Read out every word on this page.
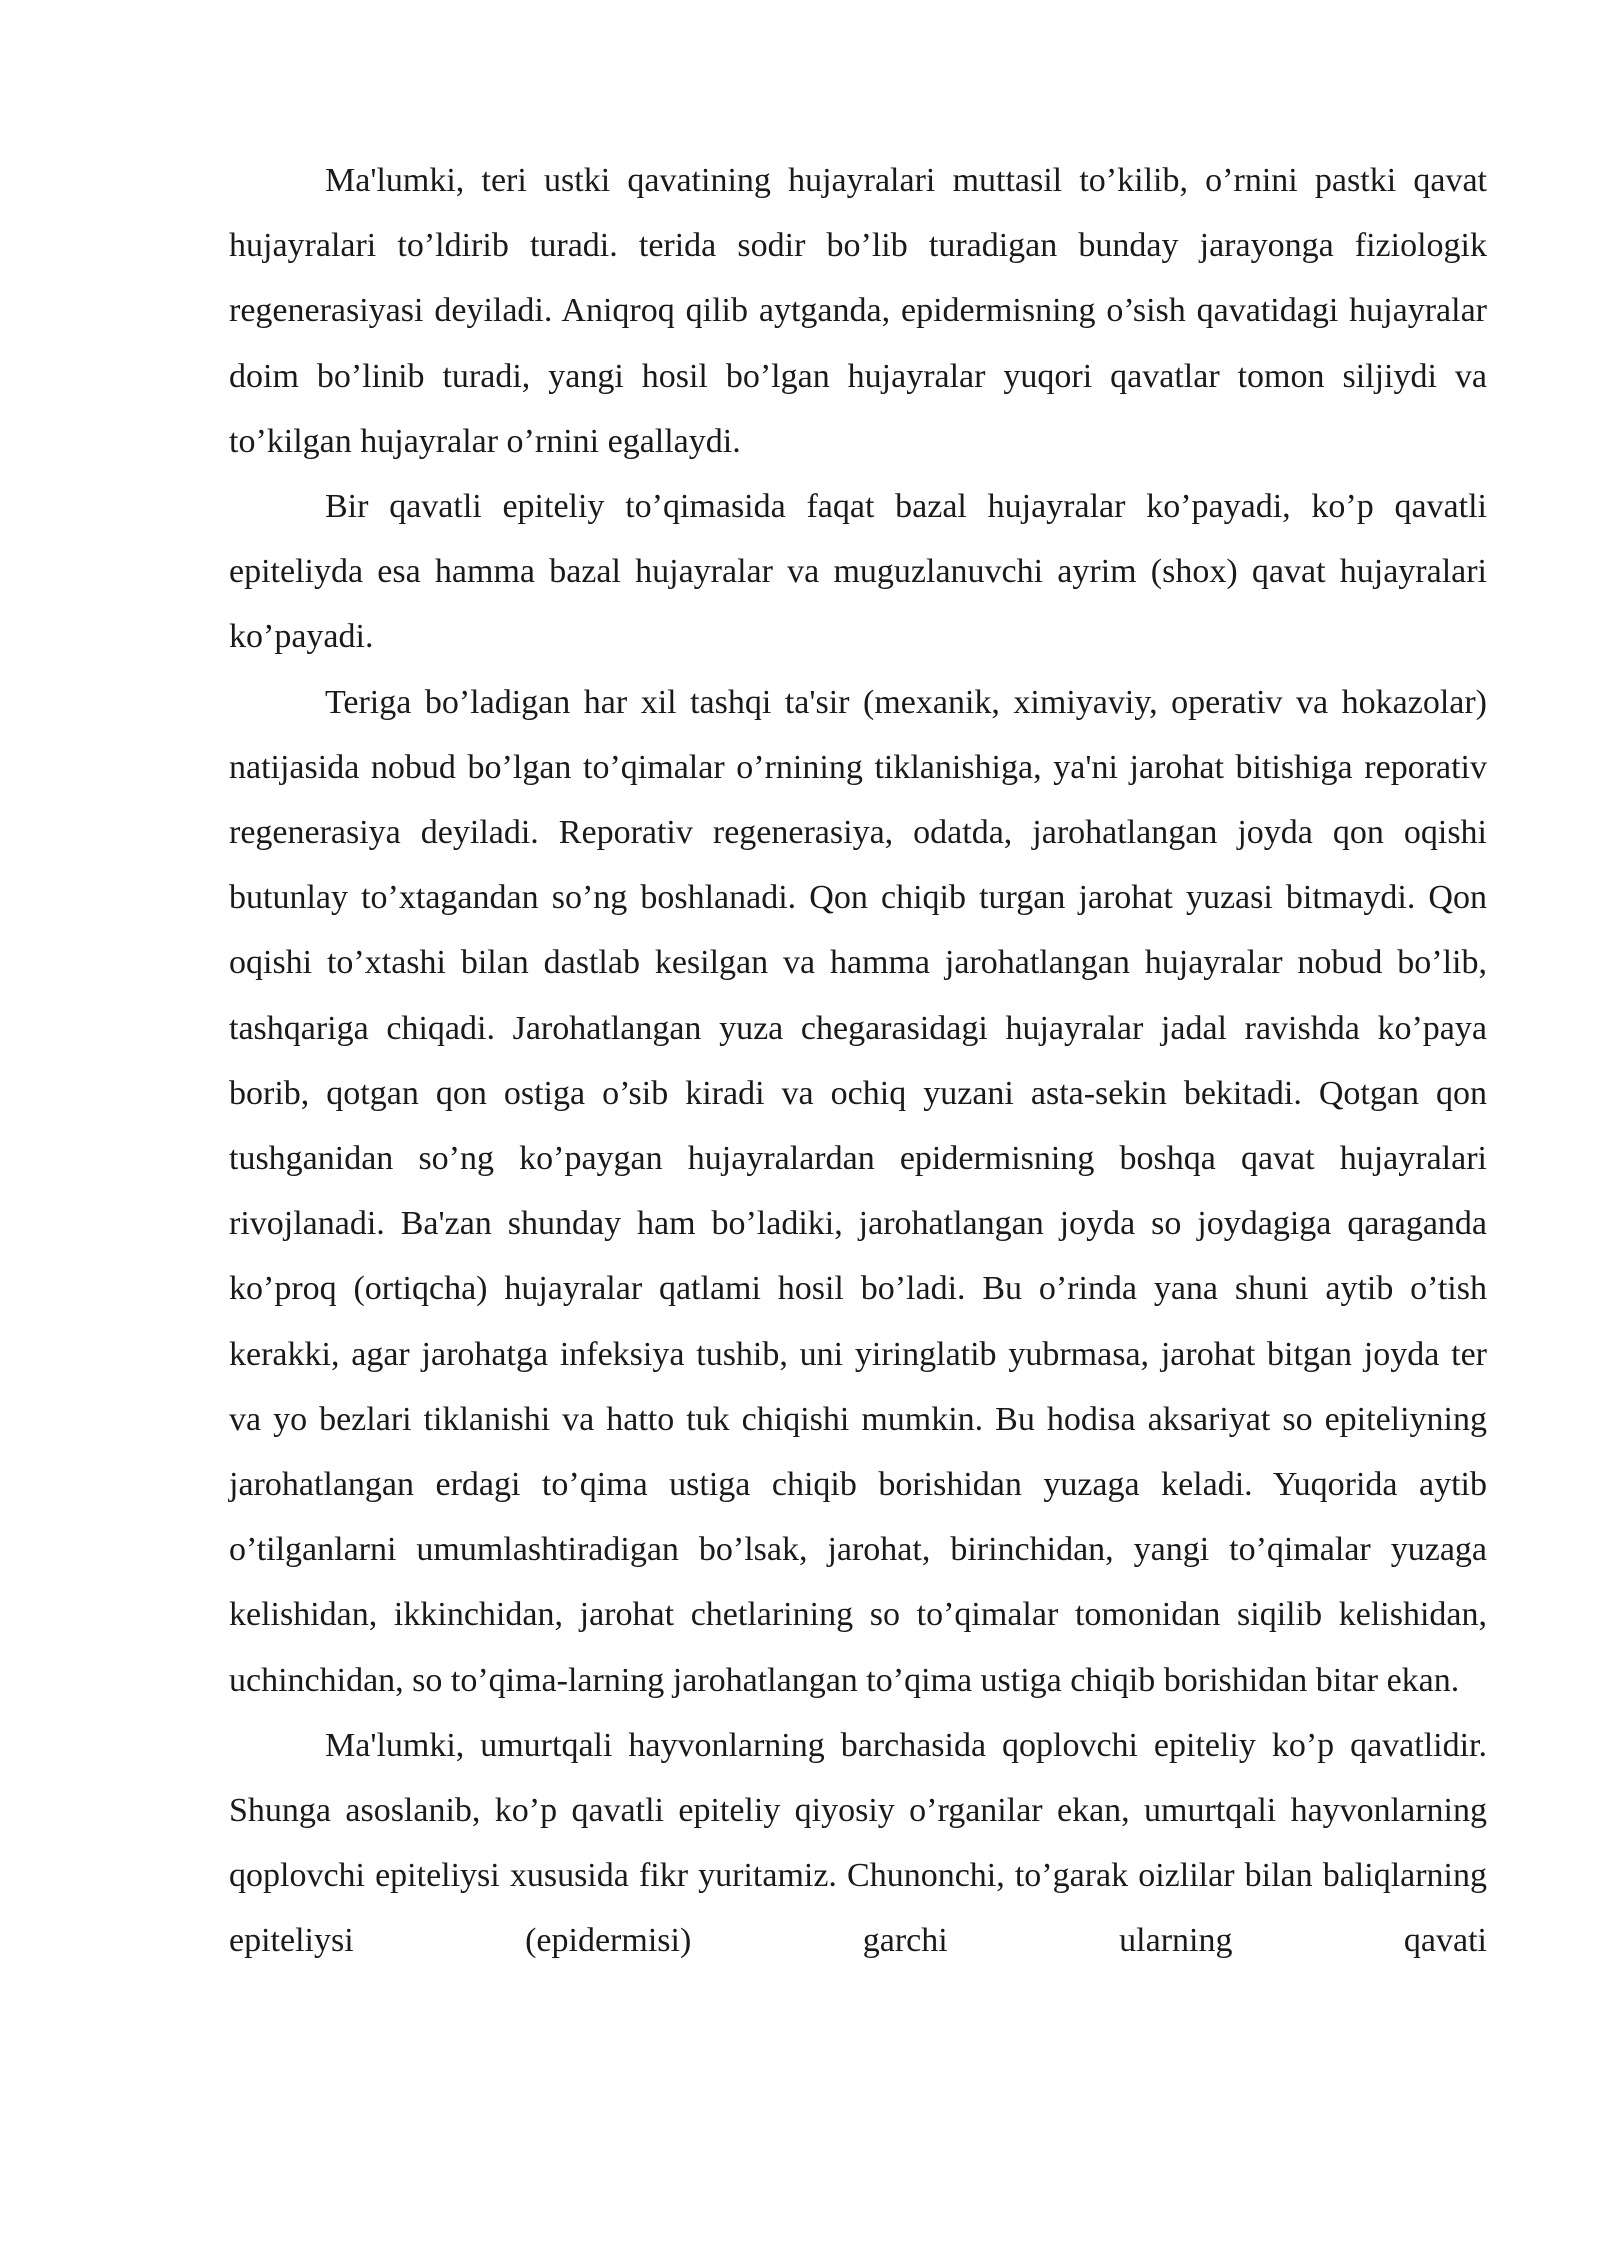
Ma'lumki, teri ustki qavatining hujayralari muttasil to’kilib, o’rnini pastki qavat hujayralari to’ldirib turadi. terida sodir bo’lib turadigan bunday jarayonga fiziologik regenerasiyasi deyiladi. Aniqroq qilib aytganda, epidermisning o’sish qavatidagi hujayralar doim bo’linib turadi, yangi hosil bo’lgan hujayralar yuqori qavatlar tomon siljiydi va to’kilgan hujayralar o’rnini egallaydi.

Bir qavatli epiteliy to’qimasida faqat bazal hujayralar ko’payadi, ko’p qavatli epiteliyda esa hamma bazal hujayralar va muguzlanuvchi ayrim (shox) qavat hujayralari ko’payadi.

Teriga bo’ladigan har xil tashqi ta'sir (mexanik, ximiyaviy, operativ va hokazolar) natijasida nobud bo’lgan to’qimalar o’rnining tiklanishiga, ya'ni jarohat bitishiga reporativ regenerasiya deyiladi. Reporativ regenerasiya, odatda, jarohatlangan joyda qon oqishi butunlay to’xtagandan so’ng boshlanadi. Qon chiqib turgan jarohat yuzasi bitmaydi. Qon oqishi to’xtashi bilan dastlab kesilgan va hamma jarohatlangan hujayralar nobud bo’lib, tashqariga chiqadi. Jarohatlangan yuza chegarasidagi hujayralar jadal ravishda ko’paya borib, qotgan qon ostiga o’sib kiradi va ochiq yuzani asta-sekin bekitadi. Qotgan qon tushganidan so’ng ko’paygan hujayralardan epidermisning boshqa qavat hujayralari rivojlanadi. Ba'zan shunday ham bo’ladiki, jarohatlangan joyda so joydagiga qaraganda ko’proq (ortiqcha) hujayralar qatlami hosil bo’ladi. Bu o’rinda yana shuni aytib o’tish kerakki, agar jarohatga infeksiya tushib, uni yiringlatib yubrmasa, jarohat bitgan joyda ter va yo bezlari tiklanishi va hatto tuk chiqishi mumkin. Bu hodisa aksariyat so epiteliyning jarohatlangan erdagi to’qima ustiga chiqib borishidan yuzaga keladi. Yuqorida aytib o’tilganlarni umumlashtiradigan bo’lsak, jarohat, birinchidan, yangi to’qimalar yuzaga kelishidan, ikkinchidan, jarohat chetlarining so to’qimalar tomonidan siqilib kelishidan, uchinchidan, so to’qima-larning jarohatlangan to’qima ustiga chiqib borishidan bitar ekan.

Ma'lumki, umurtqali hayvonlarning barchasida qoplovchi epiteliy ko’p qavatlidir. Shunga asoslanib, ko’p qavatli epiteliy qiyosiy o’rganilar ekan, umurtqali hayvonlarning qoplovchi epiteliysi xususida fikr yuritamiz. Chunonchi, to’garak oizlilar bilan baliqlarning epiteliysi (epidermisi) garchi ularning qavati
